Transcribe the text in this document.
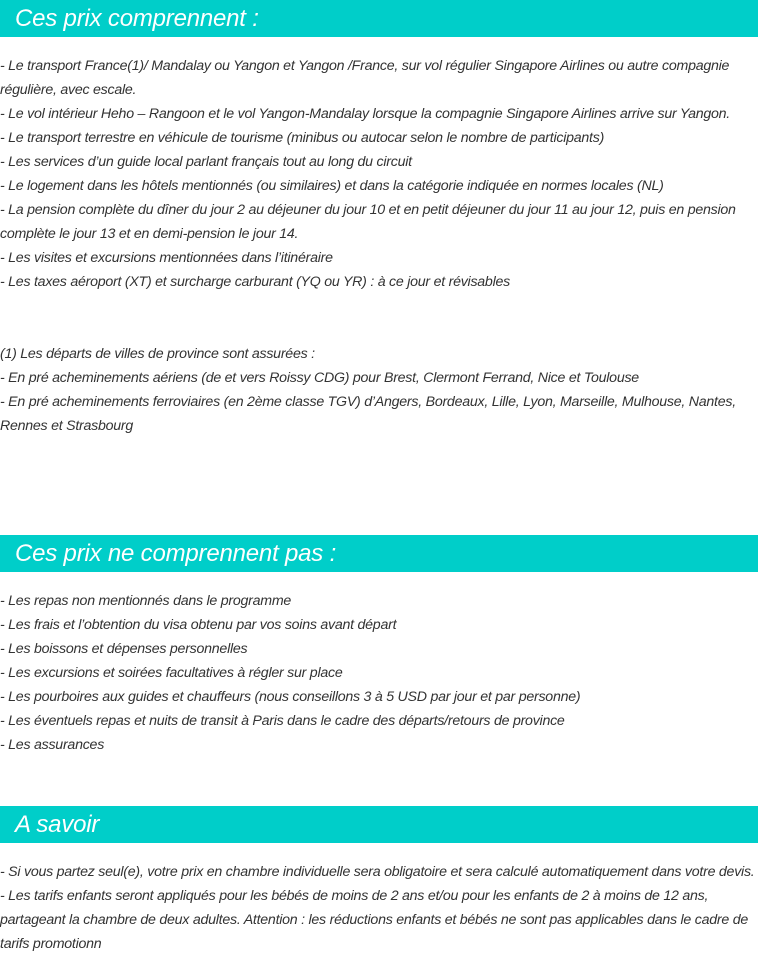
Ces prix comprennent :

- Le transport France(1)/ Mandalay ou Yangon et Yangon /France, sur vol régulier Singapore Airlines ou autre compagnie régulière, avec escale.

- Le vol intérieur Heho – Rangoon et le vol Yangon-Mandalay lorsque la compagnie Singapore Airlines arrive sur Yangon.

- Le transport terrestre en véhicule de tourisme (minibus ou autocar selon le nombre de participants)

- Les services d’un guide local parlant français tout au long du circuit

- Le logement dans les hôtels mentionnés (ou similaires) et dans la catégorie indiquée en normes locales (NL)

- La pension complète du dîner du jour 2 au déjeuner du jour 10 et en petit déjeuner du jour 11 au jour 12, puis en pension complète le jour 13 et en demi-pension le jour 14.

- Les visites et excursions mentionnées dans l’itinéraire

- Les taxes aéroport (XT) et surcharge carburant (YQ ou YR) : à ce jour et révisables

(1) Les départs de villes de province sont assurées :

- En pré acheminements aériens (de et vers Roissy CDG) pour Brest, Clermont Ferrand, Nice et Toulouse

- En pré acheminements ferroviaires (en 2ème classe TGV) d’Angers, Bordeaux, Lille, Lyon, Marseille, Mulhouse, Nantes, Rennes et Strasbourg

Ces prix ne comprennent pas :

- Les repas non mentionnés dans le programme

- Les frais et l’obtention du visa obtenu par vos soins avant départ

- Les boissons et dépenses personnelles

- Les excursions et soirées facultatives à régler sur place

- Les pourboires aux guides et chauffeurs (nous conseillons 3 à 5 USD par jour et par personne)

- Les éventuels repas et nuits de transit à Paris dans le cadre des départs/retours de province

- Les assurances

A savoir

- Si vous partez seul(e), votre prix en chambre individuelle sera obligatoire et sera calculé automatiquement dans votre devis.

- Les tarifs enfants seront appliqués pour les bébés de moins de 2 ans et/ou pour les enfants de 2 à moins de 12 ans, partageant la chambre de deux adultes. Attention : les réductions enfants et bébés ne sont pas applicables dans le cadre de tarifs promotionn
